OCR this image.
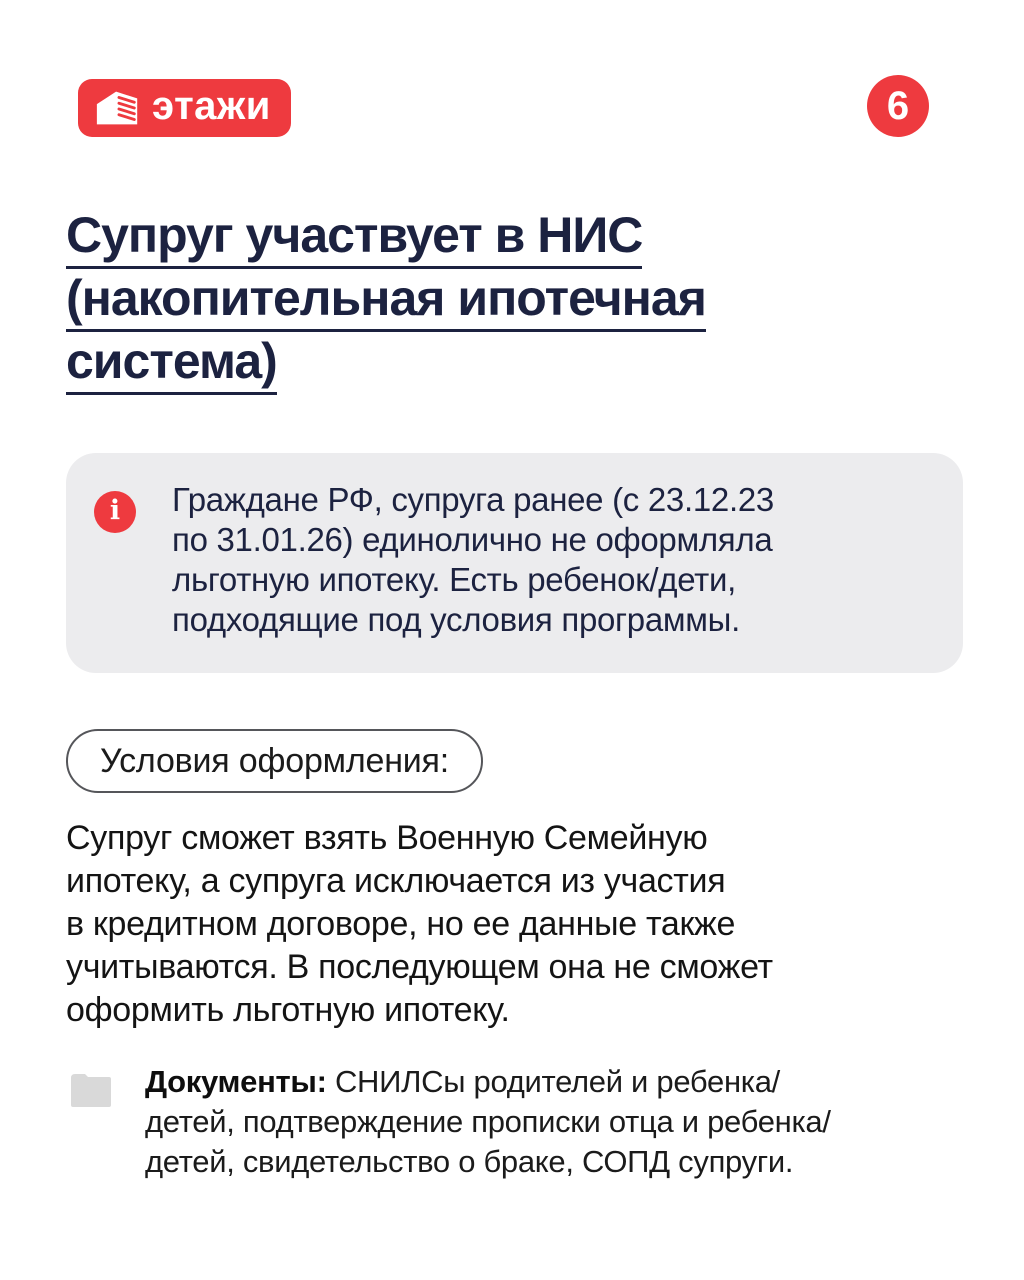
этажи	6
Супруг участвует в НИС
(накопительная ипотечная
система)
i Граждане РФ, супруга ранее (с 23.12.23
по 31.01.26) единолично не оформляла
льготную ипотеку. Есть ребенок/дети,
подходящие под условия программы.
Условия оформления:
Супруг сможет взять Военную Семейную
ипотеку, а супруга исключается из участия
в кредитном договоре, но ее данные также
учитываются. В последующем она не сможет
оформить льготную ипотеку.
Документы: СНИЛСы родителей и ребенка/
детей, подтверждение прописки отца и ребенка/
детей, свидетельство о браке, СОПД супруги.
